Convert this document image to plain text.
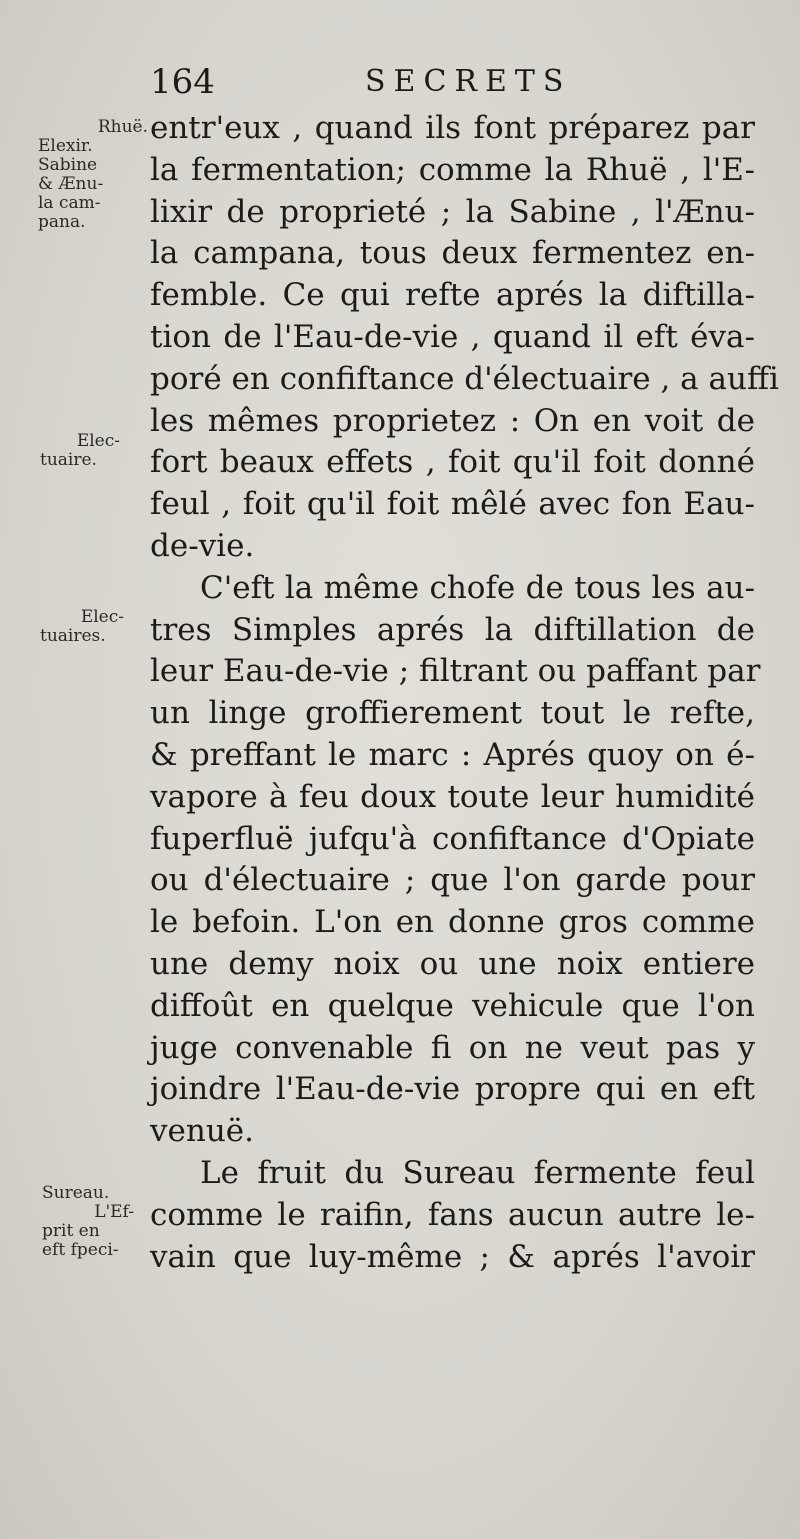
164	SECRETS
Rhuë.
Elexir.
Sabine
& Ænu-
la cam-
pana.
Elec-
tuaire.
Elec-
tuaires.
Sureau.
L'Ef-
prit en
eft fpeci-
entr'eux , quand ils font préparez par
la fermentation; comme la Rhuë , l'E-
lixir de proprieté ; la Sabine , l'Ænu-
la campana, tous deux fermentez en-
femble. Ce qui refte aprés la diftilla-
tion de l'Eau-de-vie , quand il eft éva-
poré en confiftance d'électuaire , a auffi
les mêmes proprietez : On en voit de
fort beaux effets , foit qu'il foit donné
feul , foit qu'il foit mêlé avec fon Eau-
de-vie.
C'eft la même chofe de tous les au-
tres Simples aprés la diftillation de
leur Eau-de-vie ; filtrant ou paffant par
un linge groffierement tout le refte,
& preffant le marc : Aprés quoy on é-
vapore à feu doux toute leur humidité
fuperfluë jufqu'à confiftance d'Opiate
ou d'électuaire ; que l'on garde pour
le befoin. L'on en donne gros comme
une demy noix ou une noix entiere
diffoût en quelque vehicule que l'on
juge convenable fi on ne veut pas y
joindre l'Eau-de-vie propre qui en eft
venuë.
Le fruit du Sureau fermente feul
comme le raifin, fans aucun autre le-
vain que luy-même ; & aprés l'avoir
